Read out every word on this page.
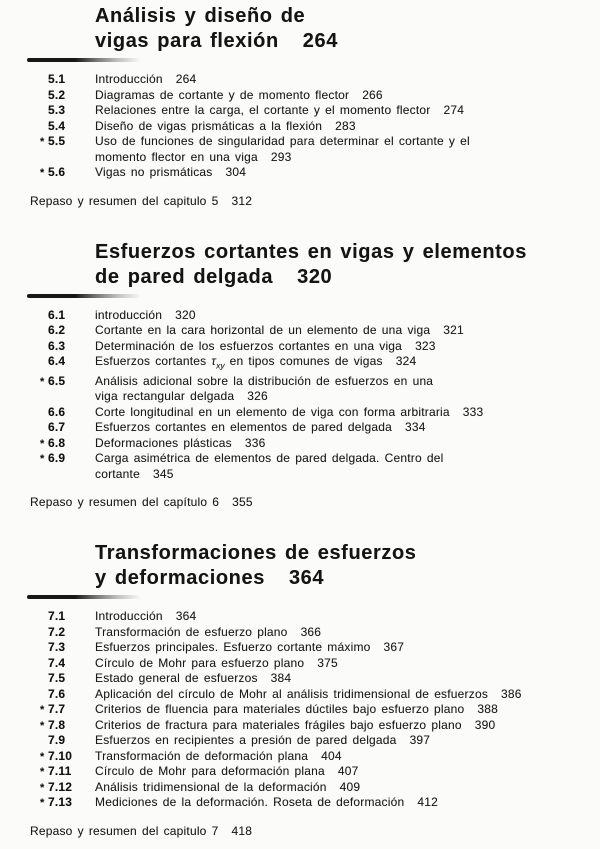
Análisis y diseño de
vigas para flexión 264
5.1	Introducción 264
5.2	Diagramas de cortante y de momento flector 266
5.3	Relaciones entre la carga, el cortante y el momento flector 274
5.4	Diseño de vigas prismáticas a la flexión 283
* 5.5	Uso de funciones de singularidad para determinar el cortante y el
momento flector en una viga 293
* 5.6	Vigas no prismáticas 304
Repaso y resumen del capitulo 5 312
Esfuerzos cortantes en vigas y elementos
de pared delgada 320
6.1	introducción 320
6.2	Cortante en la cara horizontal de un elemento de una viga 321
6.3	Determinación de los esfuerzos cortantes en una viga 323
6.4	Esfuerzos cortantes $\tau_{xy}$ en tipos comunes de vigas 324
* 6.5	Análisis adicional sobre la distribución de esfuerzos en una
viga rectangular delgada 326
6.6	Corte longitudinal en un elemento de viga con forma arbitraria 333
6.7	Esfuerzos cortantes en elementos de pared delgada 334
* 6.8	Deformaciones plásticas 336
* 6.9	Carga asimétrica de elementos de pared delgada. Centro del
cortante 345
Repaso y resumen del capítulo 6 355
Transformaciones de esfuerzos
y deformaciones 364
7.1	Introducción 364
7.2	Transformación de esfuerzo plano 366
7.3	Esfuerzos principales. Esfuerzo cortante máximo 367
7.4	Círculo de Mohr para esfuerzo plano 375
7.5	Estado general de esfuerzos 384
7.6	Aplicación del círculo de Mohr al análisis tridimensional de esfuerzos 386
* 7.7	Criterios de fluencia para materiales dúctiles bajo esfuerzo plano 388
* 7.8	Criterios de fractura para materiales frágiles bajo esfuerzo plano 390
7.9	Esfuerzos en recipientes a presión de pared delgada 397
* 7.10	Transformación de deformación plana 404
* 7.11	Círculo de Mohr para deformación plana 407
* 7.12	Análisis tridimensional de la deformación 409
* 7.13	Mediciones de la deformación. Roseta de deformación 412
Repaso y resumen del capitulo 7 418
